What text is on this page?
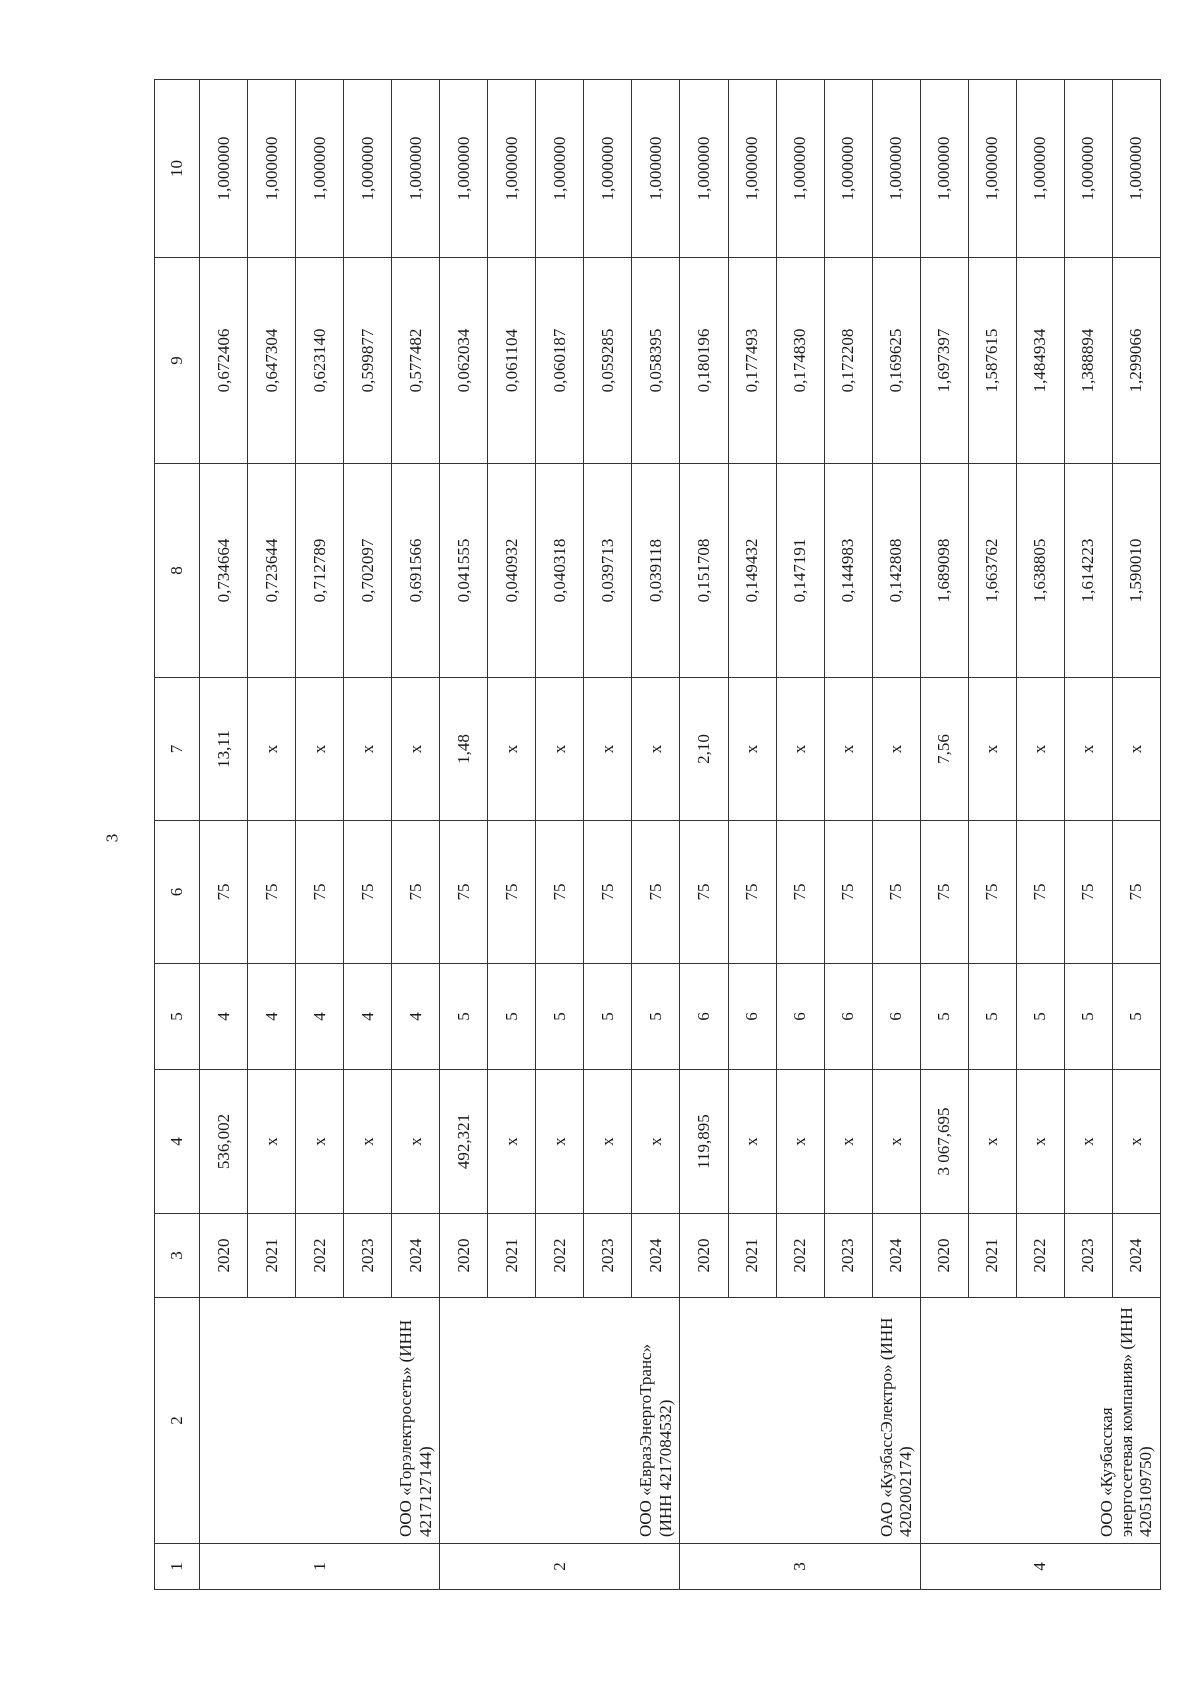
3
1	2	3	4	5	6	7	8	9	10
1	ООО «Горэлектросеть» (ИНН 4217127144)	2020	536,002	4	75	13,11	0,734664	0,672406	1,000000
		2021	x	4	75	x	0,723644	0,647304	1,000000
		2022	x	4	75	x	0,712789	0,623140	1,000000
		2023	x	4	75	x	0,702097	0,599877	1,000000
		2024	x	4	75	x	0,691566	0,577482	1,000000
2	ООО «ЕвразЭнергоТранс» (ИНН 4217084532)	2020	492,321	5	75	1,48	0,041555	0,062034	1,000000
		2021	x	5	75	x	0,040932	0,061104	1,000000
		2022	x	5	75	x	0,040318	0,060187	1,000000
		2023	x	5	75	x	0,039713	0,059285	1,000000
		2024	x	5	75	x	0,039118	0,058395	1,000000
3	ОАО «КузбассЭлектро» (ИНН 4202002174)	2020	119,895	6	75	2,10	0,151708	0,180196	1,000000
		2021	x	6	75	x	0,149432	0,177493	1,000000
		2022	x	6	75	x	0,147191	0,174830	1,000000
		2023	x	6	75	x	0,144983	0,172208	1,000000
		2024	x	6	75	x	0,142808	0,169625	1,000000
4	ООО «Кузбасская энергосетевая компания» (ИНН 4205109750)	2020	3 067,695	5	75	7,56	1,689098	1,697397	1,000000
		2021	x	5	75	x	1,663762	1,587615	1,000000
		2022	x	5	75	x	1,638805	1,484934	1,000000
		2023	x	5	75	x	1,614223	1,388894	1,000000
		2024	x	5	75	x	1,590010	1,299066	1,000000
